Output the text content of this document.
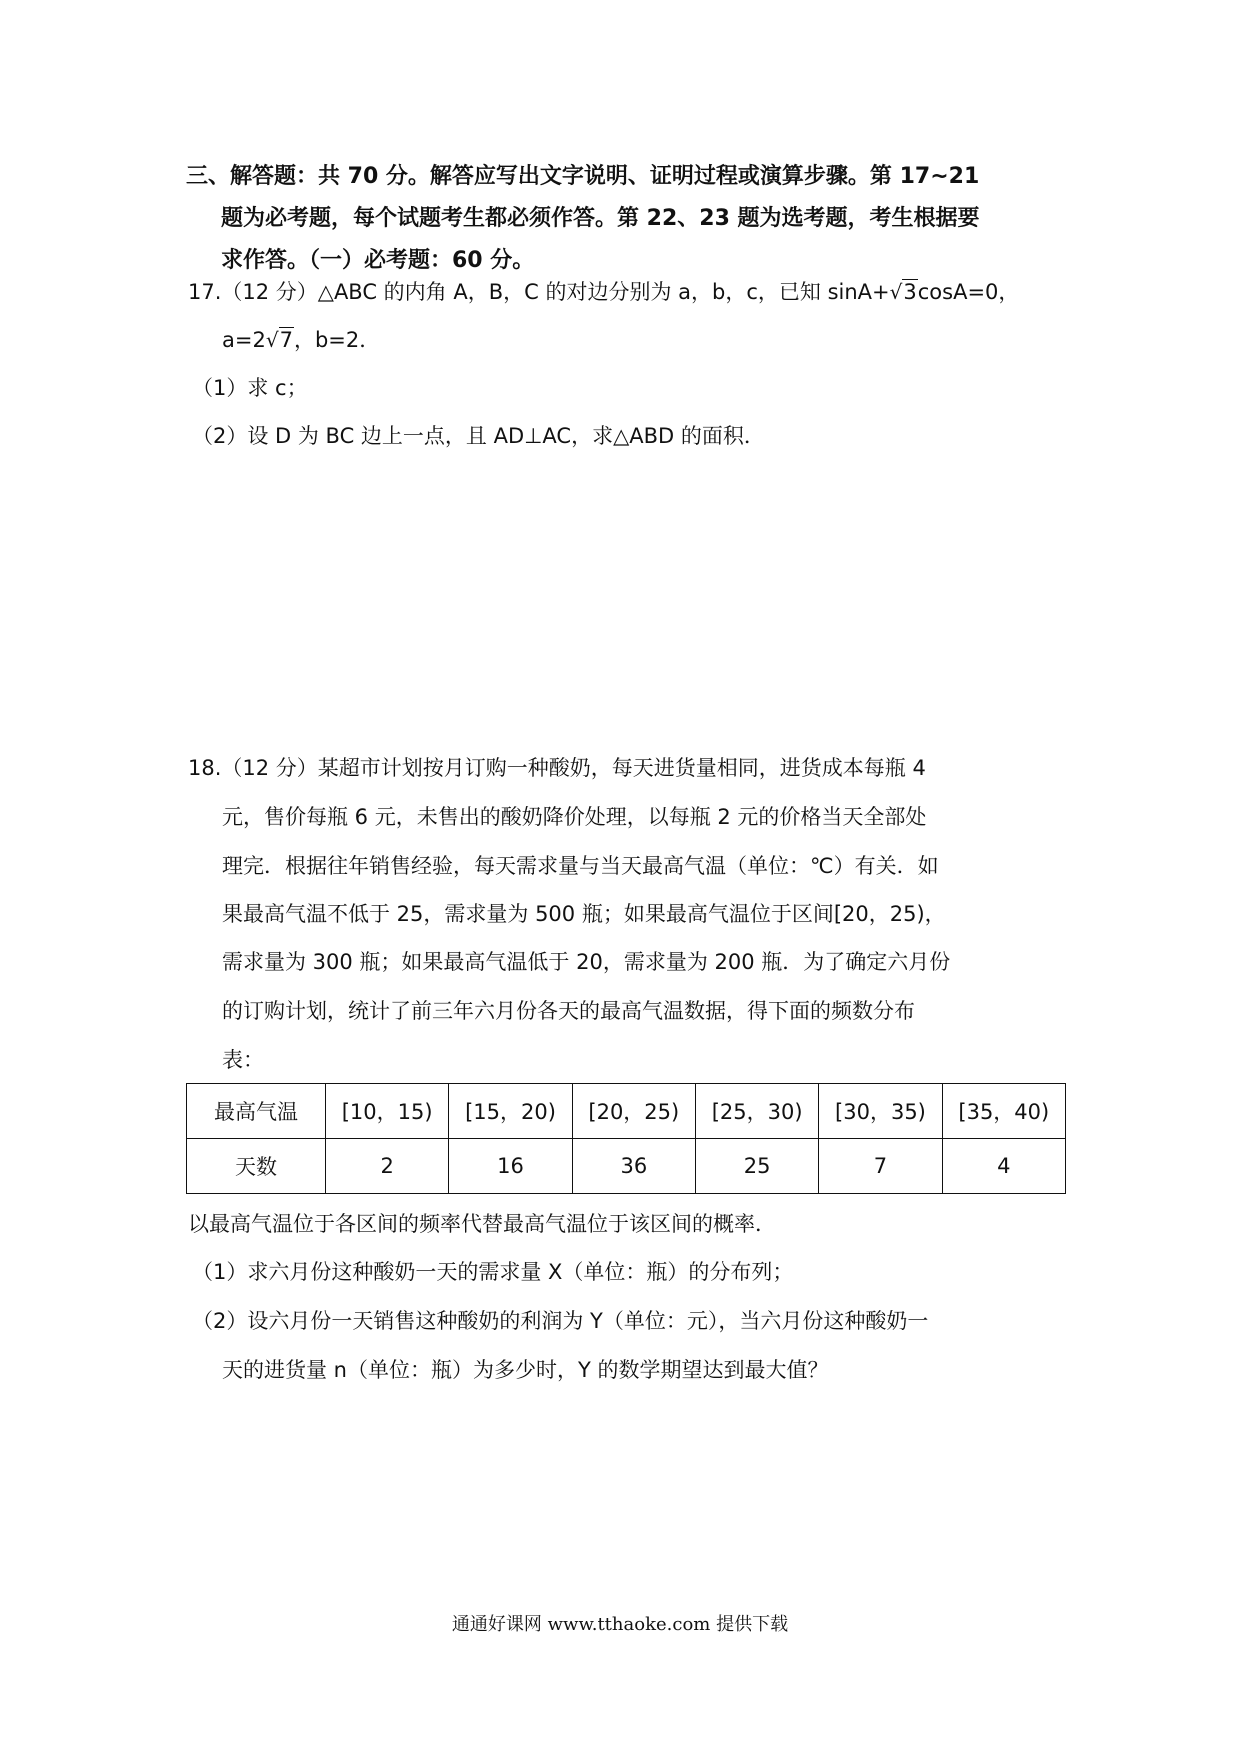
三、解答题：共 70 分。解答应写出文字说明、证明过程或演算步骤。第 17~21

题为必考题，每个试题考生都必须作答。第 22、23 题为选考题，考生根据要

求作答。（一）必考题：60 分。

17.（12 分）△ABC 的内角 A，B，C 的对边分别为 a，b，c，已知 sinA+√3cosA=0，
a=2√7，b=2．
（1）求 c；
（2）设 D 为 BC 边上一点，且 AD⊥AC，求△ABD 的面积．
18.（12 分）某超市计划按月订购一种酸奶，每天进货量相同，进货成本每瓶 4
元，售价每瓶 6 元，未售出的酸奶降价处理，以每瓶 2 元的价格当天全部处
理完．根据往年销售经验，每天需求量与当天最高气温（单位：℃）有关．如
果最高气温不低于 25，需求量为 500 瓶；如果最高气温位于区间[20，25)，
需求量为 300 瓶；如果最高气温低于 20，需求量为 200 瓶．为了确定六月份
的订购计划，统计了前三年六月份各天的最高气温数据，得下面的频数分布
表：
最高气温	[10，15)	[15，20)	[20，25)	[25，30)	[30，35)	[35，40)
天数	2	16	36	25	7	4
以最高气温位于各区间的频率代替最高气温位于该区间的概率．
（1）求六月份这种酸奶一天的需求量 X（单位：瓶）的分布列；
（2）设六月份一天销售这种酸奶的利润为 Y（单位：元），当六月份这种酸奶一
天的进货量 n（单位：瓶）为多少时，Y 的数学期望达到最大值？
通通好课网 www.tthaoke.com 提供下载
